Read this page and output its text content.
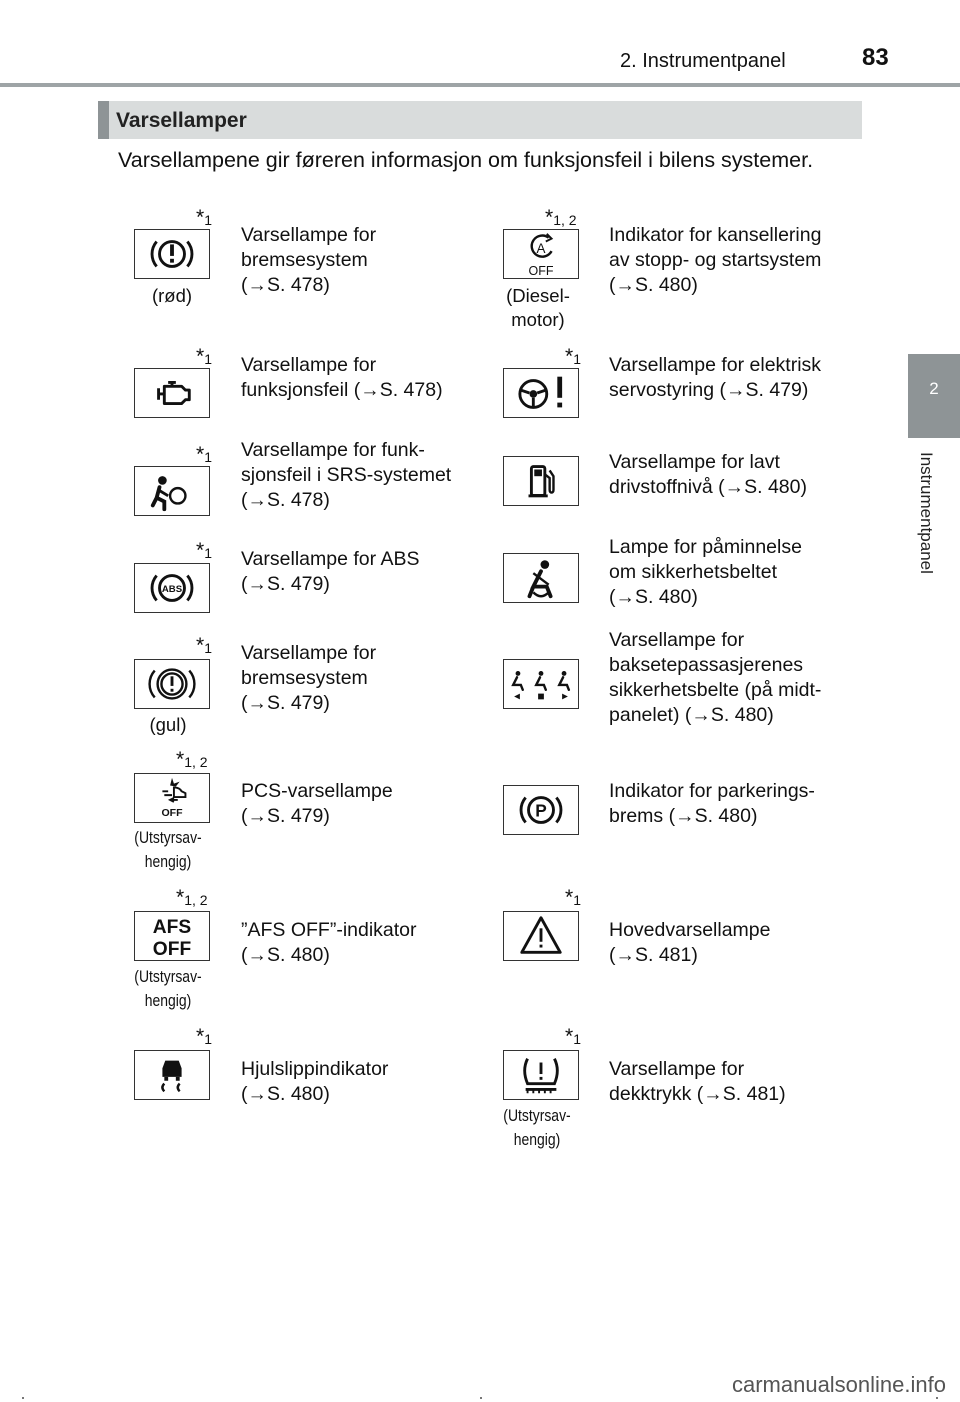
2. Instrumentpanel	83
2
Instrumentpanel
Varsellamper
Varsellampene gir føreren informasjon om funksjonsfeil i bilens systemer.
$*_1$
(rød)
Varsellampe for
bremsesystem
(→S. 478)
$*_{1, 2}$
A
OFF
(Diesel-
motor)
Indikator for kansellering
av stopp- og startsystem
(→S. 480)
$*_1$ Varsellampe for
funksjonsfeil (→S. 478)
$*_1$ Varsellampe for elektrisk
servostyring (→S. 479)
$*_1$ Varsellampe for funk-
sjonsfeil i SRS-systemet
(→S. 478)
Varsellampe for lavt
drivstoffnivå (→S. 480)
$*_1$
ABS
Varsellampe for ABS
(→S. 479)
Lampe for påminnelse
om sikkerhetsbeltet
(→S. 480)
$*_1$
(gul)
Varsellampe for
bremsesystem
(→S. 479)
Varsellampe for
baksetepassasjerenes
sikkerhetsbelte (på midt-
panelet) (→S. 480)
$*_{1, 2}$
OFF
(Utstyrsav-
hengig)
PCS-varsellampe
(→S. 479)	P
Indikator for parkerings-
brems (→S. 480)
$*_{1, 2}$
AFS
OFF
(Utstyrsav-
hengig)
”AFS OFF”-indikator
(→S. 480)
$*_1$
Hovedvarsellampe
(→S. 481)
$*_1$
Hjulslippindikator
(→S. 480)
$*_1$
(Utstyrsav-
hengig)
Varsellampe for
dekktrykk (→S. 481)
carmanualsonline.info
